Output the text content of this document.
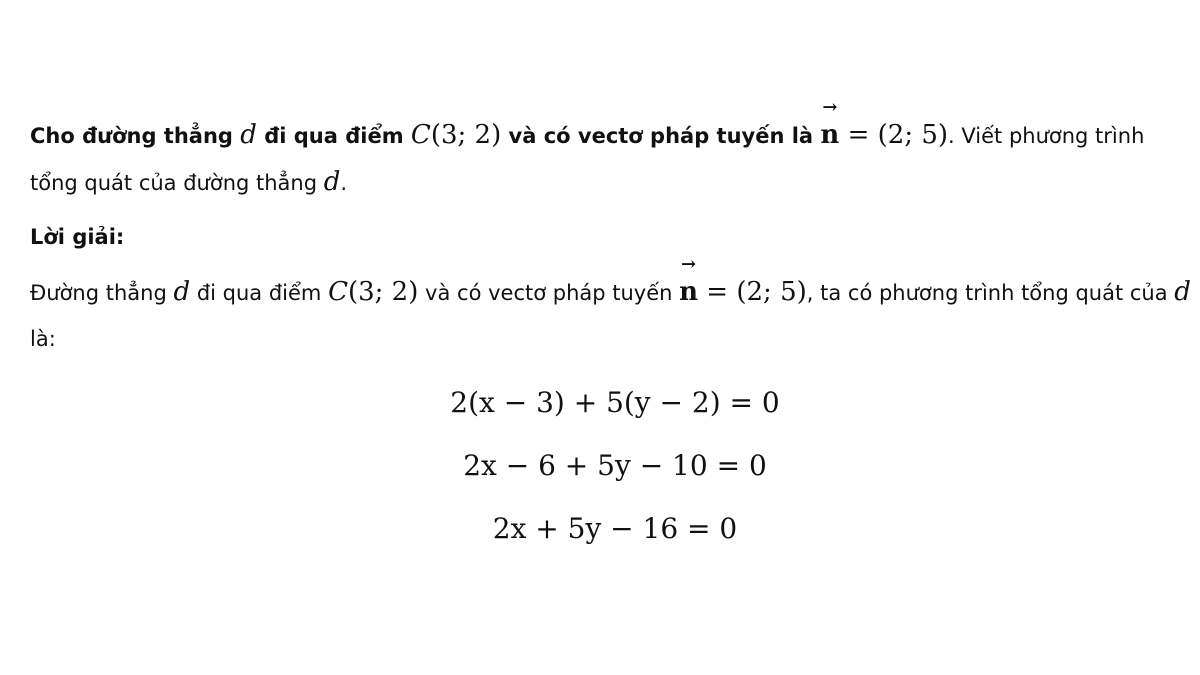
Cho đường thẳng d đi qua điểm C(3; 2) và có vectơ pháp tuyến là
→
n = (2; 5). Viết phương trình tổng quát của đường thẳng d.

Lời giải:

Đường thẳng d đi qua điểm C(3; 2) và có vectơ pháp tuyến
→
n = (2; 5), ta có phương trình tổng quát của d là:

2(x − 3) + 5(y − 2) = 0
2x − 6 + 5y − 10 = 0
2x + 5y − 16 = 0
